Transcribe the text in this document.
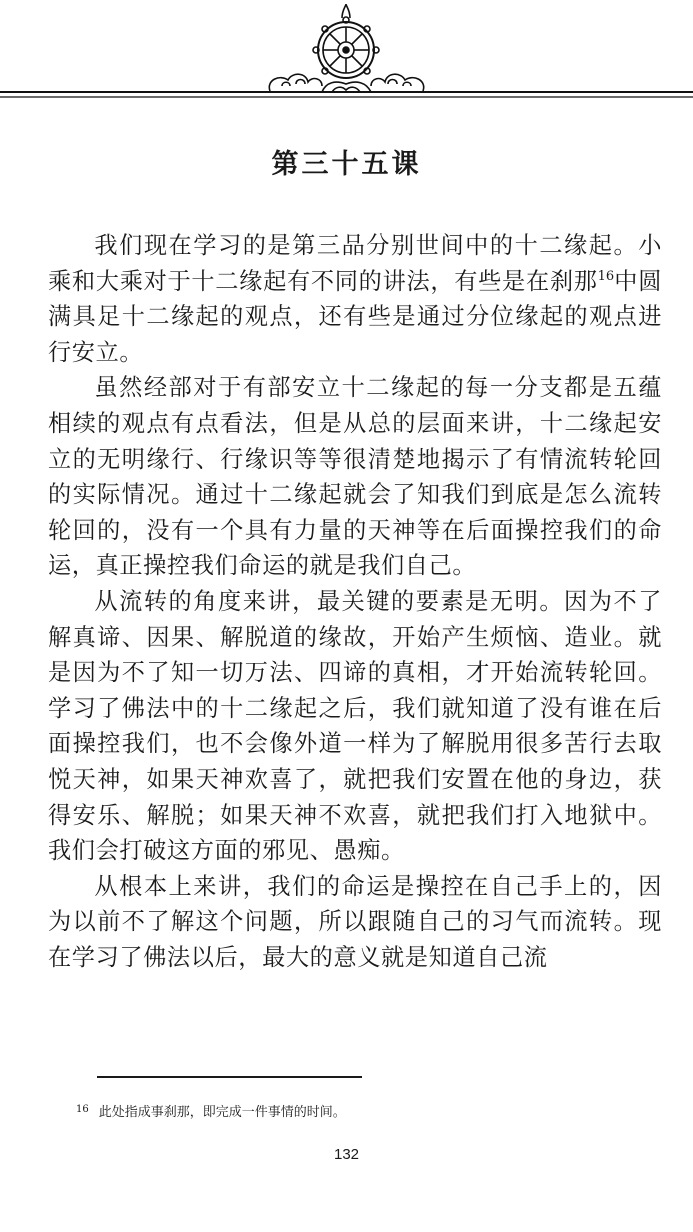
第三十五课

我们现在学习的是第三品分别世间中的十二缘起。小乘和大乘对于十二缘起有不同的讲法，有些是在刹那$^{16}$中圆满具足十二缘起的观点，还有些是通过分位缘起的观点进行安立。

虽然经部对于有部安立十二缘起的每一分支都是五蕴相续的观点有点看法，但是从总的层面来讲，十二缘起安立的无明缘行、行缘识等等很清楚地揭示了有情流转轮回的实际情况。通过十二缘起就会了知我们到底是怎么流转轮回的，没有一个具有力量的天神等在后面操控我们的命运，真正操控我们命运的就是我们自己。

从流转的角度来讲，最关键的要素是无明。因为不了解真谛、因果、解脱道的缘故，开始产生烦恼、造业。就是因为不了知一切万法、四谛的真相，才开始流转轮回。学习了佛法中的十二缘起之后，我们就知道了没有谁在后面操控我们，也不会像外道一样为了解脱用很多苦行去取悦天神，如果天神欢喜了，就把我们安置在他的身边，获得安乐、解脱；如果天神不欢喜，就把我们打入地狱中。我们会打破这方面的邪见、愚痴。

从根本上来讲，我们的命运是操控在自己手上的，因为以前不了解这个问题，所以跟随自己的习气而流转。现在学习了佛法以后，最大的意义就是知道自己流

$^{16}$ 此处指成事刹那，即完成一件事情的时间。
132
